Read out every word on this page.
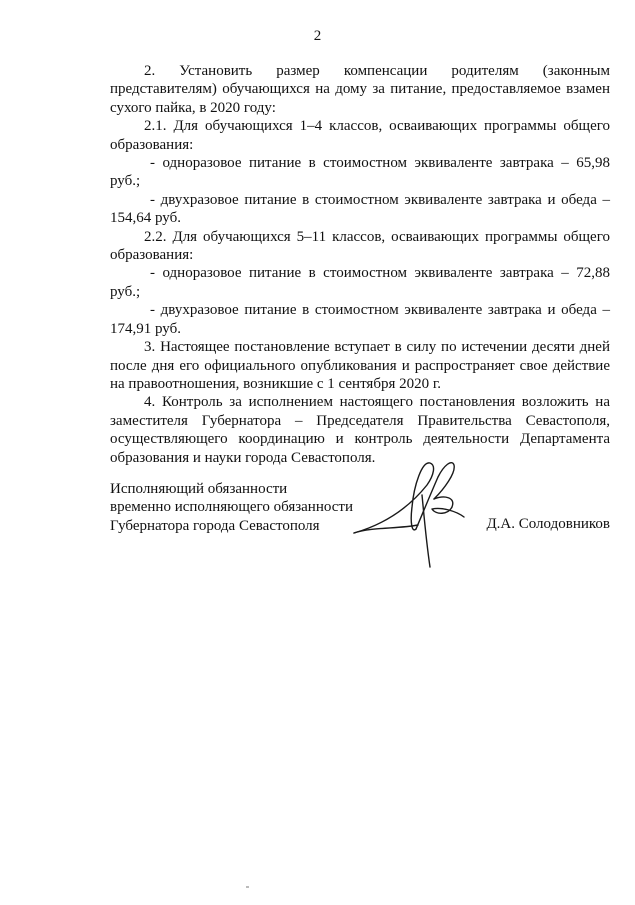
2

2. Установить размер компенсации родителям (законным представителям) обучающихся на дому за питание, предоставляемое взамен сухого пайка, в 2020 году:

2.1. Для обучающихся 1–4 классов, осваивающих программы общего образования:

- одноразовое питание в стоимостном эквиваленте завтрака – 65,98 руб.;

- двухразовое питание в стоимостном эквиваленте завтрака и обеда – 154,64 руб.

2.2. Для обучающихся 5–11 классов, осваивающих программы общего образования:

- одноразовое питание в стоимостном эквиваленте завтрака – 72,88 руб.;

- двухразовое питание в стоимостном эквиваленте завтрака и обеда – 174,91 руб.

3. Настоящее постановление вступает в силу по истечении десяти дней после дня его официального опубликования и распространяет свое действие на правоотношения, возникшие с 1 сентября 2020 г.

4. Контроль за исполнением настоящего постановления возложить на заместителя Губернатора – Председателя Правительства Севастополя, осуществляющего координацию и контроль деятельности Департамента образования и науки города Севастополя.

Исполняющий обязанности
временно исполняющего обязанности
Губернатора города Севастополя	Д.А. Солодовников
